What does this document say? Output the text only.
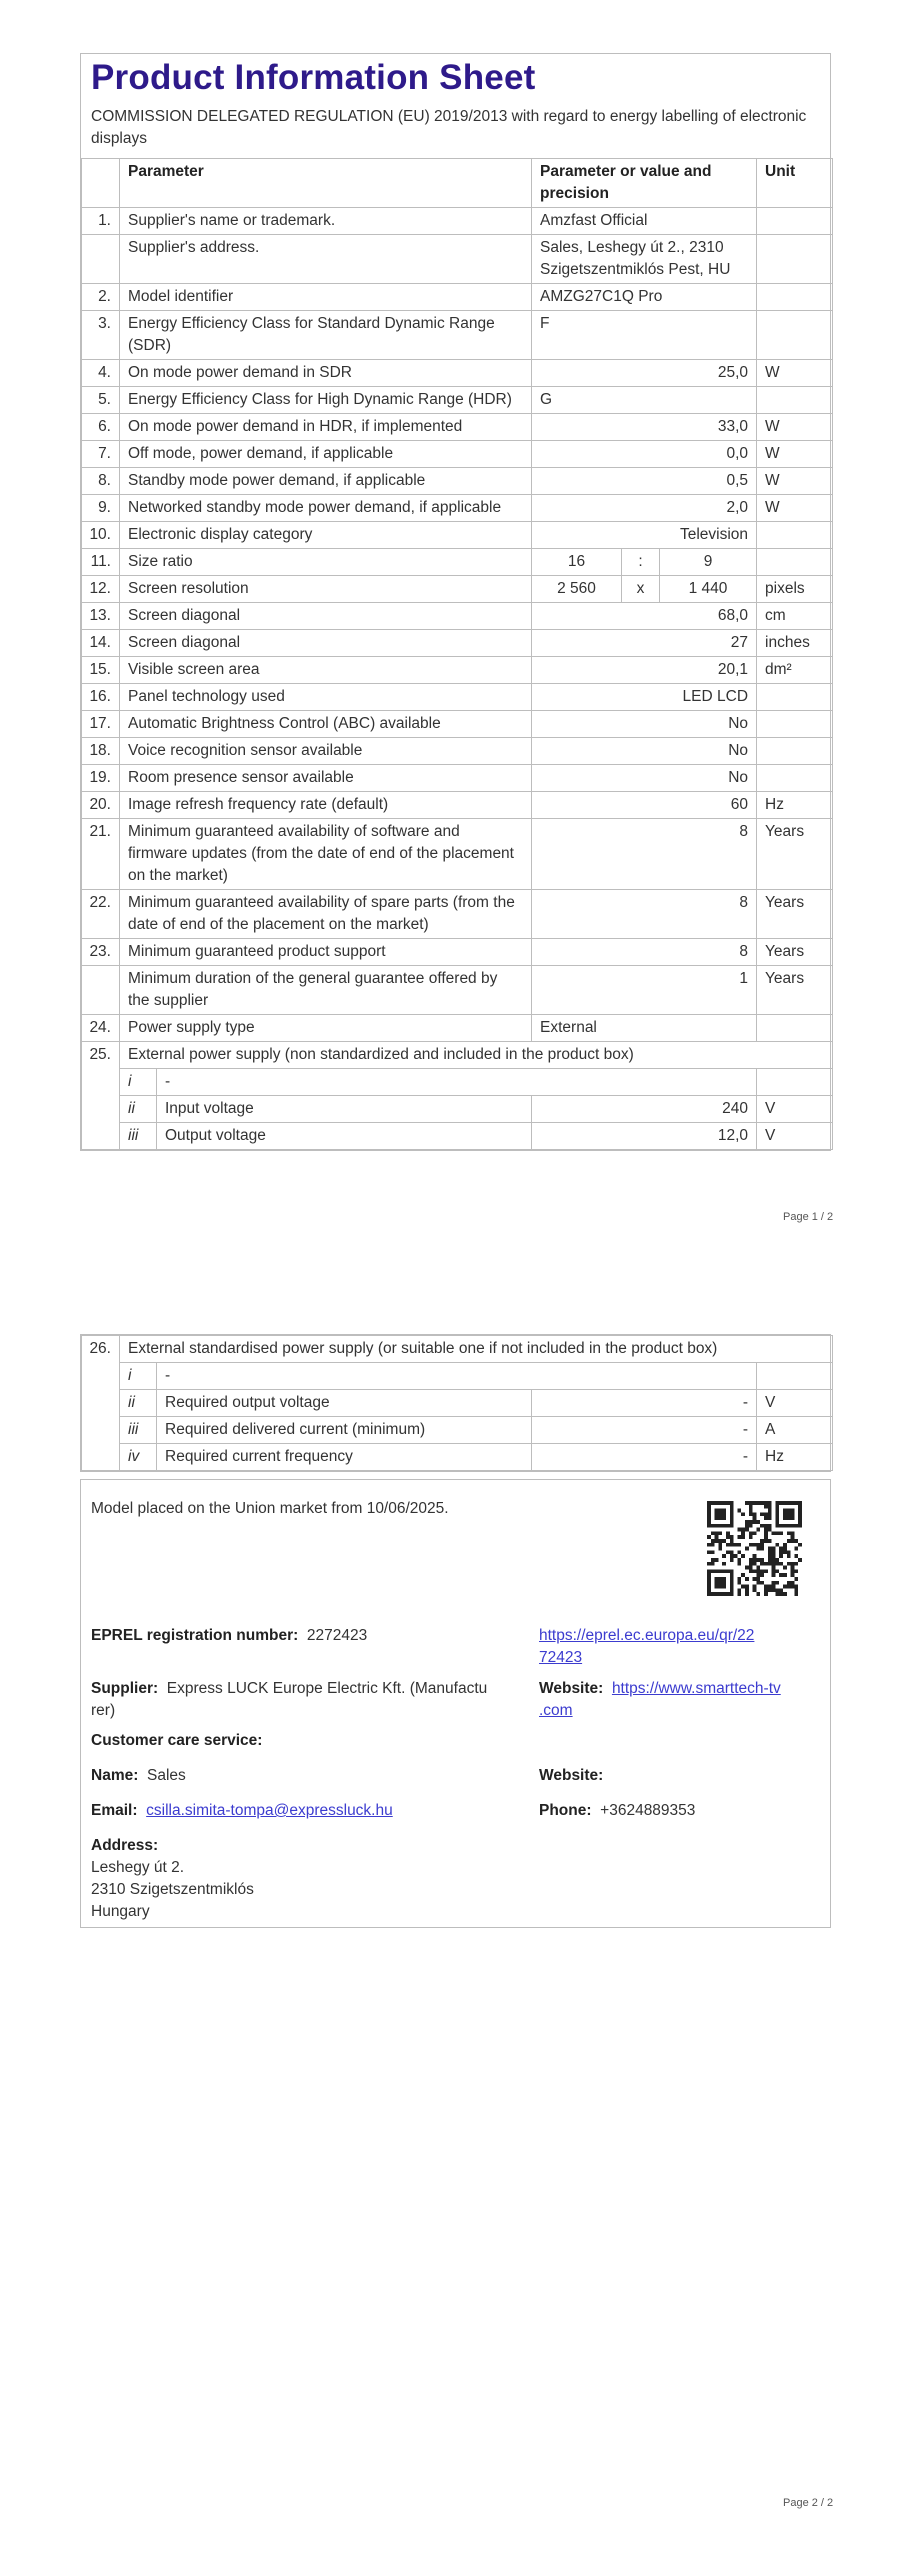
Product Information Sheet
COMMISSION DELEGATED REGULATION (EU) 2019/2013 with regard to energy labelling of electronic displays
	Parameter		Parameter or value and precision			Unit
1.	Supplier's name or trademark.		Amzfast Official			
	Supplier's address.		Sales, Leshegy út 2., 2310 Szigetszentmiklós Pest, HU			
2.	Model identifier		AMZG27C1Q Pro			
3.	Energy Efficiency Class for Standard Dynamic Range (SDR)		F			
4.	On mode power demand in SDR		25,0			W
5.	Energy Efficiency Class for High Dynamic Range (HDR)		G			
6.	On mode power demand in HDR, if implemented		33,0			W
7.	Off mode, power demand, if applicable		0,0			W
8.	Standby mode power demand, if applicable		0,5			W
9.	Networked standby mode power demand, if applicable		2,0			W
10.	Electronic display category		Television			
11.	Size ratio		16	:	9	
12.	Screen resolution		2 560	x	1 440	pixels
13.	Screen diagonal		68,0			cm
14.	Screen diagonal		27			inches
15.	Visible screen area		20,1			dm²
16.	Panel technology used		LED LCD			
17.	Automatic Brightness Control (ABC) available		No			
18.	Voice recognition sensor available		No			
19.	Room presence sensor available		No			
20.	Image refresh frequency rate (default)		60			Hz
21.	Minimum guaranteed availability of software and firmware updates (from the date of end of the placement on the market)		8			Years
22.	Minimum guaranteed availability of spare parts (from the date of end of the placement on the market)		8			Years
23.	Minimum guaranteed product support		8			Years
	Minimum duration of the general guarantee offered by the supplier		1			Years
24.	Power supply type		External			
25.	External power supply (non standardized and included in the product box)					
	i	-				
	ii	Input voltage	240			V
	iii	Output voltage	12,0			V
Page 1 / 2
26.	External standardised power supply (or suitable one if not included in the product box)			
	i	-		
	ii	Required output voltage	-	V
	iii	Required delivered current (minimum)	-	A
	iv	Required current frequency	-	Hz
Model placed on the Union market from 10/06/2025.
EPREL registration number: 2272423	https://eprel.ec.europa.eu/qr/22
72423
Supplier: Express LUCK Europe Electric Kft. (Manufactu
rer)
Website: https://www.smarttech-tv
.com
Customer care service:
Name: Sales	Website:
Email: csilla.simita-tompa@expressluck.hu	Phone: +3624889353
Address:
Leshegy út 2.
2310 Szigetszentmiklós
Hungary
Page 2 / 2
